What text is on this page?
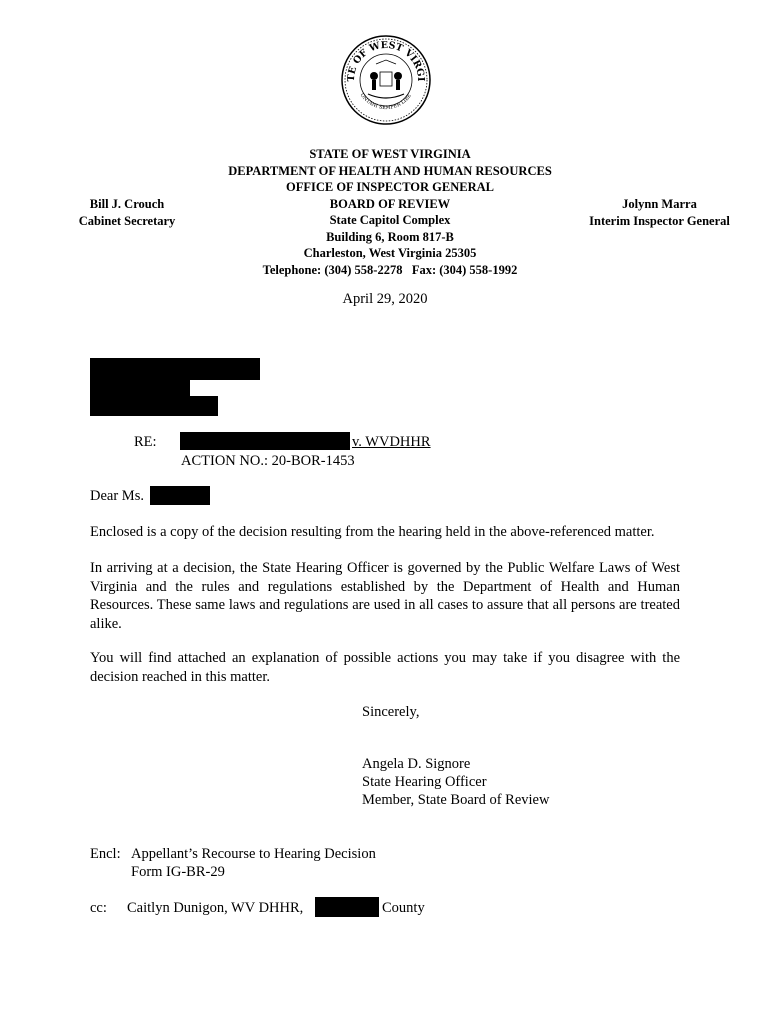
TE OF WEST VIRGI
ONTANI SEMPER LIBE
STATE OF WEST VIRGINIA
DEPARTMENT OF HEALTH AND HUMAN RESOURCES
OFFICE OF INSPECTOR GENERAL
BOARD OF REVIEW
State Capitol Complex
Building 6, Room 817-B
Charleston, West Virginia 25305
Telephone: (304) 558-2278   Fax: (304) 558-1992
Bill J. Crouch
Cabinet Secretary
Jolynn Marra
Interim Inspector General
April 29, 2020
RE:	v. WVDHHR
ACTION NO.: 20-BOR-1453
Dear Ms.
Enclosed is a copy of the decision resulting from the hearing held in the above-referenced matter.
In arriving at a decision, the State Hearing Officer is governed by the Public Welfare Laws of West Virginia and the rules and regulations established by the Department of Health and Human Resources. These same laws and regulations are used in all cases to assure that all persons are treated alike.
You will find attached an explanation of possible actions you may take if you disagree with the decision reached in this matter.
Sincerely,
Angela D. Signore
State Hearing Officer
Member, State Board of Review
Encl: Appellant’s Recourse to Hearing Decision
Form IG-BR-29
cc: Caitlyn Dunigon, WV DHHR,	County
